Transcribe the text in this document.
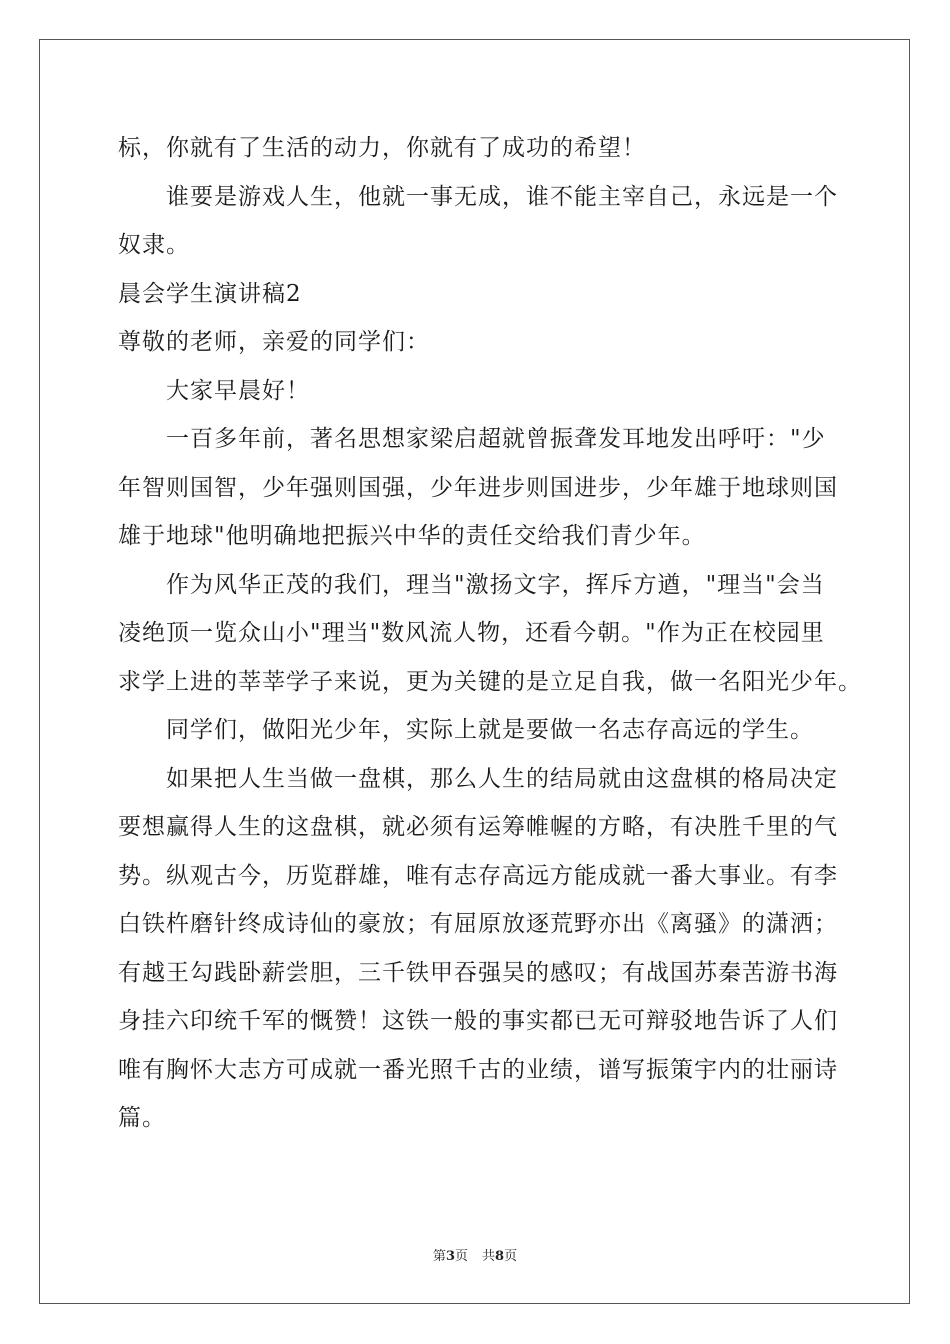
标，你就有了生活的动力，你就有了成功的希望！
谁要是游戏人生，他就一事无成，谁不能主宰自己，永远是一个
奴隶。
晨会学生演讲稿2
尊敬的老师，亲爱的同学们：
大家早晨好！
一百多年前，著名思想家梁启超就曾振聋发耳地发出呼吁："少
年智则国智，少年强则国强，少年进步则国进步，少年雄于地球则国
雄于地球"他明确地把振兴中华的责任交给我们青少年。
作为风华正茂的我们，理当"激扬文字，挥斥方遒，"理当"会当
凌绝顶一览众山小"理当"数风流人物，还看今朝。"作为正在校园里
求学上进的莘莘学子来说，更为关键的是立足自我，做一名阳光少年。
同学们，做阳光少年，实际上就是要做一名志存高远的学生。
如果把人生当做一盘棋，那么人生的结局就由这盘棋的格局决定
要想赢得人生的这盘棋，就必须有运筹帷幄的方略，有决胜千里的气
势。纵观古今，历览群雄，唯有志存高远方能成就一番大事业。有李
白铁杵磨针终成诗仙的豪放；有屈原放逐荒野亦出《离骚》的潇洒；
有越王勾践卧薪尝胆，三千铁甲吞强吴的感叹；有战国苏秦苦游书海
身挂六印统千军的慨赞！这铁一般的事实都已无可辩驳地告诉了人们
唯有胸怀大志方可成就一番光照千古的业绩，谱写振策宇内的壮丽诗
篇。
第3页 共8页
